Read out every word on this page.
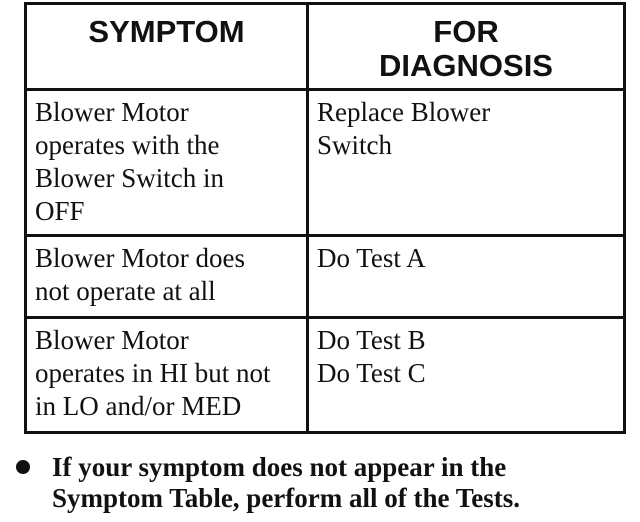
SYMPTOM	FOR
DIAGNOSIS

Blower Motor
operates with the
Blower Switch in
OFF	Replace Blower
Switch

Blower Motor does
not operate at all	Do Test A

Blower Motor
operates in HI but not
in LO and/or MED	Do Test B
Do Test C
If your symptom does not appear in the
Symptom Table, perform all of the Tests.
